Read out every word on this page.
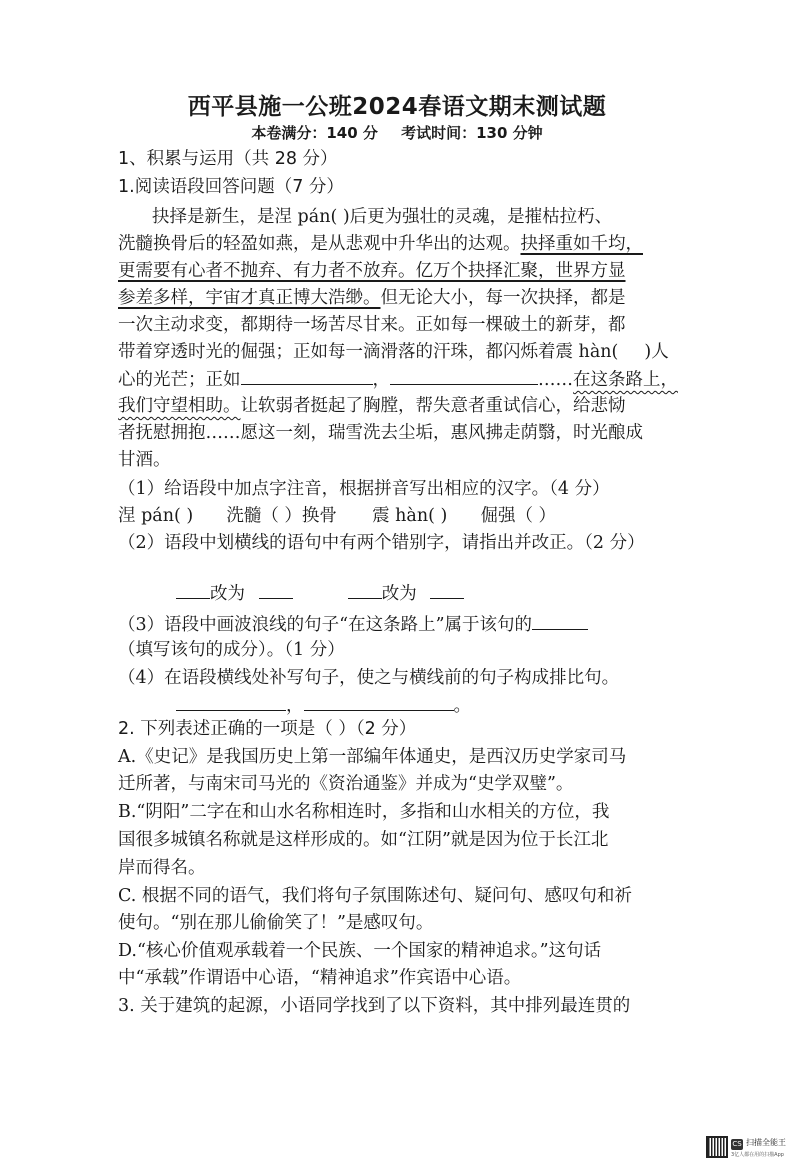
西平县施一公班2024春语文期末测试题
本卷满分：140 分 考试时间：130 分钟
1、积累与运用（共 28 分）
1.阅读语段回答问题（7 分）
抉择是新生，是涅 pán( )后更为强壮的灵魂，是摧枯拉朽、
洗髓换骨后的轻盈如燕，是从悲观中升华出的达观。抉择重如千均，
更需要有心者不抛弃、有力者不放弃。亿万个抉择汇聚，世界方显
参差多样，宇宙才真正博大浩缈。但无论大小，每一次抉择，都是
一次主动求变，都期待一场苦尽甘来。正如每一棵破土的新芽，都
带着穿透时光的倔强；正如每一滴滑落的汗珠，都闪烁着震 hàn( )人
心的光芒；正如	，	……在这条路上，
我们守望相助。让软弱者挺起了胸膛，帮失意者重试信心，给悲恸
者抚慰拥抱……愿这一刻，瑞雪洗去尘垢，惠风拂走荫翳，时光酿成
甘酒。
（1）给语段中加点字注音，根据拼音写出相应的汉字。（4 分）
涅 pán( ) 洗髓（ ）换骨 震 hàn( ) 倔强（ ）
（2）语段中划横线的语句中有两个错别字，请指出并改正。（2 分）
改为	改为
（3）语段中画波浪线的句子“在这条路上”属于该句的
（填写该句的成分）。（1 分）
（4）在语段横线处补写句子，使之与横线前的句子构成排比句。
，	。
2. 下列表述正确的一项是（ ）（2 分）
A.《史记》是我国历史上第一部编年体通史，是西汉历史学家司马
迁所著，与南宋司马光的《资治通鉴》并成为“史学双璧”。
B.“阴阳”二字在和山水名称相连时，多指和山水相关的方位，我
国很多城镇名称就是这样形成的。如“江阴”就是因为位于长江北
岸而得名。
C. 根据不同的语气，我们将句子氛围陈述句、疑问句、感叹句和祈
使句。“别在那儿偷偷笑了！”是感叹句。
D.“核心价值观承载着一个民族、一个国家的精神追求。”这句话
中“承载”作谓语中心语，“精神追求”作宾语中心语。
3. 关于建筑的起源，小语同学找到了以下资料，其中排列最连贯的
CS 扫描全能王
3亿人都在用的扫描App
